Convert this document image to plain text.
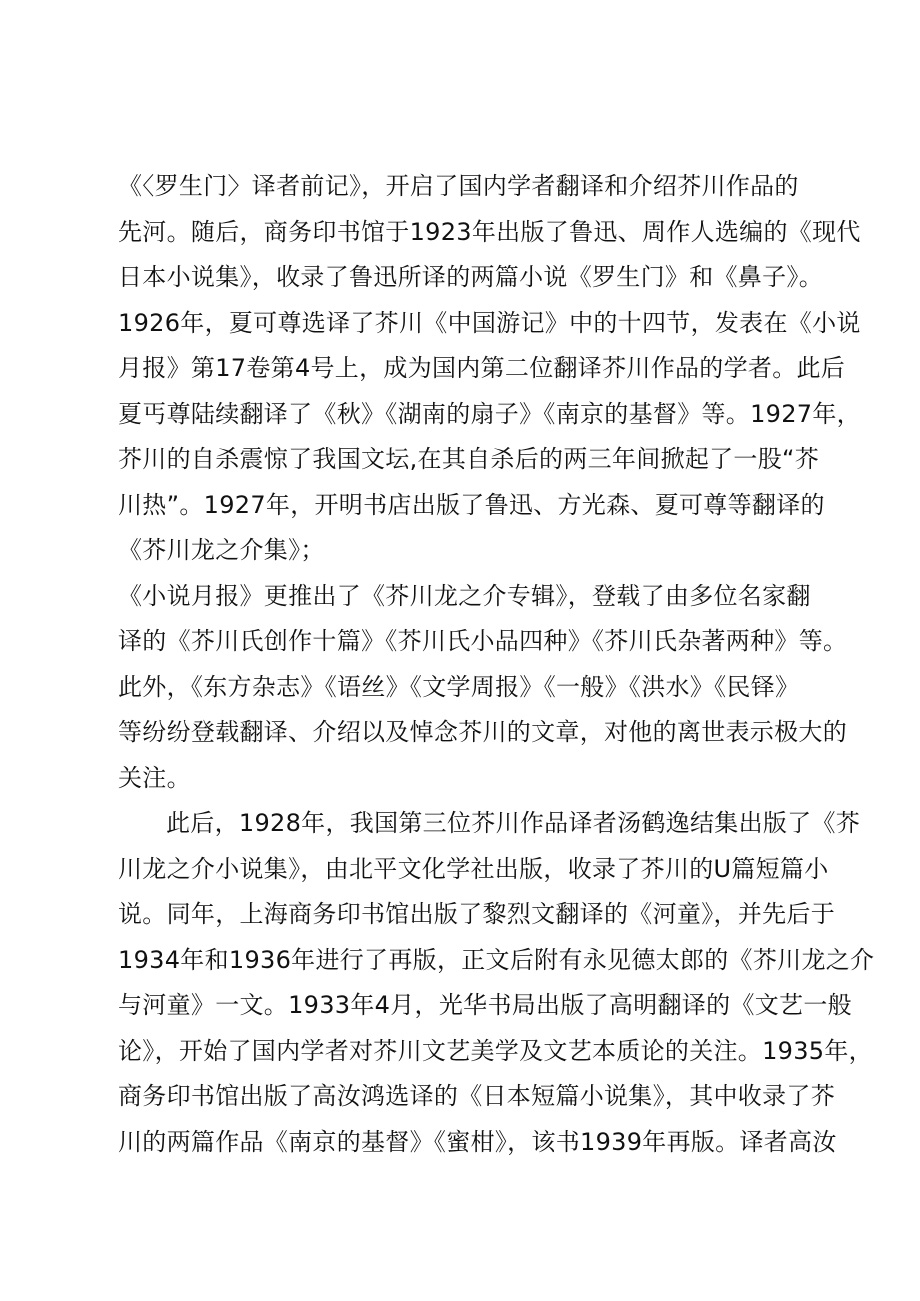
《〈罗生门〉译者前记》，开启了国内学者翻译和介绍芥川作品的
先河。随后，商务印书馆于1923年出版了鲁迅、周作人选编的《现代
日本小说集》，收录了鲁迅所译的两篇小说《罗生门》和《鼻子》。
1926年，夏可尊选译了芥川《中国游记》中的十四节，发表在《小说
月报》第17卷第4号上，成为国内第二位翻译芥川作品的学者。此后
夏丐尊陆续翻译了《秋》《湖南的扇子》《南京的基督》等。1927年，
芥川的自杀震惊了我国文坛,在其自杀后的两三年间掀起了一股“芥
川热”。1927年，开明书店出版了鲁迅、方光森、夏可尊等翻译的
《芥川龙之介集》；
《小说月报》更推出了《芥川龙之介专辑》，登载了由多位名家翻
译的《芥川氏创作十篇》《芥川氏小品四种》《芥川氏杂著两种》等。
此外，《东方杂志》《语丝》《文学周报》《一般》《洪水》《民铎》
等纷纷登载翻译、介绍以及悼念芥川的文章，对他的离世表示极大的
关注。
此后，1928年，我国第三位芥川作品译者汤鹤逸结集出版了《芥
川龙之介小说集》，由北平文化学社出版，收录了芥川的U篇短篇小
说。同年，上海商务印书馆出版了黎烈文翻译的《河童》，并先后于
1934年和1936年进行了再版，正文后附有永见德太郎的《芥川龙之介
与河童》一文。1933年4月，光华书局出版了高明翻译的《文艺一般
论》，开始了国内学者对芥川文艺美学及文艺本质论的关注。1935年，
商务印书馆出版了高汝鸿选译的《日本短篇小说集》，其中收录了芥
川的两篇作品《南京的基督》《蜜柑》，该书1939年再版。译者高汝
